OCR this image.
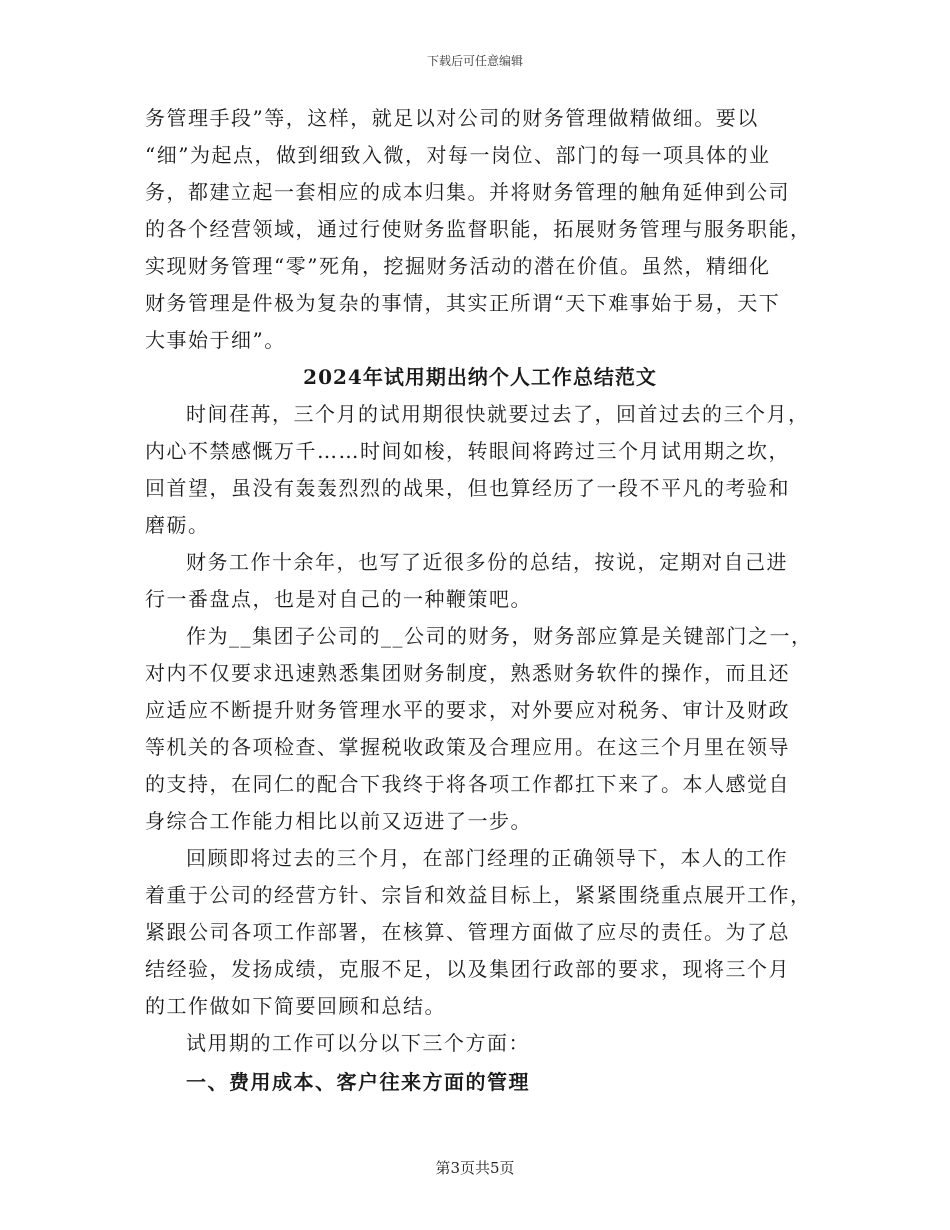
下载后可任意编辑
务管理手段”等，这样，就足以对公司的财务管理做精做细。要以
“细”为起点，做到细致入微，对每一岗位、部门的每一项具体的业
务，都建立起一套相应的成本归集。并将财务管理的触角延伸到公司
的各个经营领域，通过行使财务监督职能，拓展财务管理与服务职能，
实现财务管理“零”死角，挖掘财务活动的潜在价值。虽然，精细化
财务管理是件极为复杂的事情，其实正所谓“天下难事始于易，天下
大事始于细”。
2024年试用期出纳个人工作总结范文
时间荏苒，三个月的试用期很快就要过去了，回首过去的三个月，
内心不禁感慨万千……时间如梭，转眼间将跨过三个月试用期之坎，
回首望，虽没有轰轰烈烈的战果，但也算经历了一段不平凡的考验和
磨砺。
财务工作十余年，也写了近很多份的总结，按说，定期对自己进
行一番盘点，也是对自己的一种鞭策吧。
作为__集团子公司的__公司的财务，财务部应算是关键部门之一，
对内不仅要求迅速熟悉集团财务制度，熟悉财务软件的操作，而且还
应适应不断提升财务管理水平的要求，对外要应对税务、审计及财政
等机关的各项检查、掌握税收政策及合理应用。在这三个月里在领导
的支持，在同仁的配合下我终于将各项工作都扛下来了。本人感觉自
身综合工作能力相比以前又迈进了一步。
回顾即将过去的三个月，在部门经理的正确领导下，本人的工作
着重于公司的经营方针、宗旨和效益目标上，紧紧围绕重点展开工作，
紧跟公司各项工作部署，在核算、管理方面做了应尽的责任。为了总
结经验，发扬成绩，克服不足，以及集团行政部的要求，现将三个月
的工作做如下简要回顾和总结。
试用期的工作可以分以下三个方面：
一、费用成本、客户往来方面的管理
第3页共5页
